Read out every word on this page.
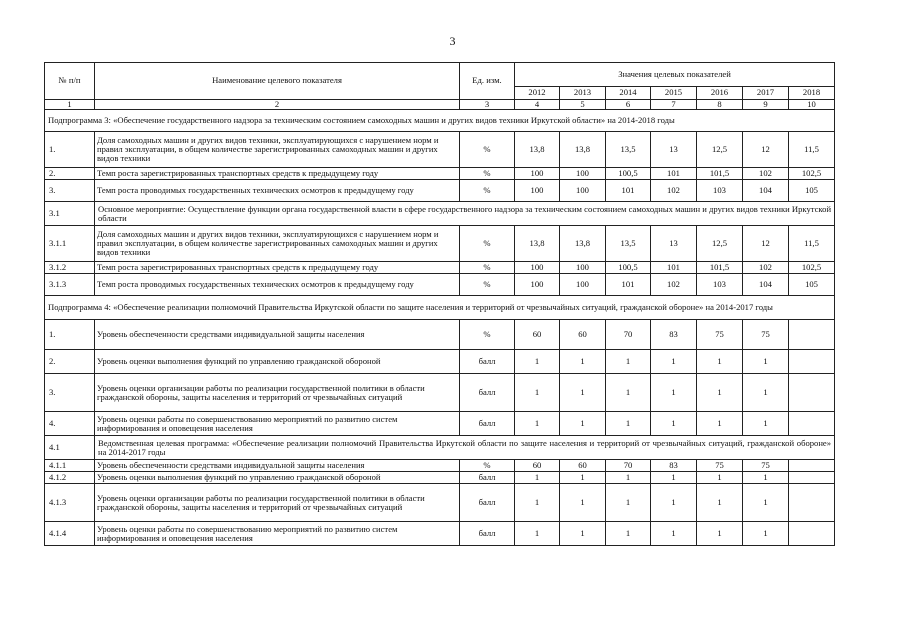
3
№ п/п	Наименование целевого показателя	Ед. изм.	Значения целевых показателей						
			2012	2013	2014	2015	2016	2017	2018
1	2	3	4	5	6	7	8	9	10
Подпрограмма 3: «Обеспечение государственного надзора за техническим состоянием самоходных машин и других видов техники Иркутской области» на 2014-2018 годы									
1.	Доля самоходных машин и других видов техники, эксплуатирующихся с нарушением норм и правил эксплуатации, в общем количестве зарегистрированных самоходных машин и других видов техники	%	13,8	13,8	13,5	13	12,5	12	11,5
2.	Темп роста зарегистрированных транспортных средств к предыдущему году	%	100	100	100,5	101	101,5	102	102,5
3.	Темп роста проводимых государственных технических осмотров к предыдущему году	%	100	100	101	102	103	104	105
3.1	Основное мероприятие: Осуществление функции органа государственной власти в сфере государственного надзора за техническим состоянием самоходных машин и других видов техники Иркутской области								
3.1.1	Доля самоходных машин и других видов техники, эксплуатирующихся с нарушением норм и правил эксплуатации, в общем количестве зарегистрированных самоходных машин и других видов техники	%	13,8	13,8	13,5	13	12,5	12	11,5
3.1.2	Темп роста зарегистрированных транспортных средств к предыдущему году	%	100	100	100,5	101	101,5	102	102,5
3.1.3	Темп роста проводимых государственных технических осмотров к предыдущему году	%	100	100	101	102	103	104	105
Подпрограмма 4: «Обеспечение реализации полномочий Правительства Иркутской области по защите населения и территорий от чрезвычайных ситуаций, гражданской обороне» на 2014-2017 годы									
1.	Уровень обеспеченности средствами индивидуальной защиты населения	%	60	60	70	83	75	75	
2.	Уровень оценки выполнения функций по управлению гражданской обороной	балл	1	1	1	1	1	1	
3.	Уровень оценки организации работы по реализации государственной политики в области гражданской обороны, защиты населения и территорий от чрезвычайных ситуаций	балл	1	1	1	1	1	1	
4.	Уровень оценки работы по совершенствованию мероприятий по развитию систем информирования и оповещения населения	балл	1	1	1	1	1	1	
4.1	Ведомственная целевая программа: «Обеспечение реализации полномочий Правительства Иркутской области по защите населения и территорий от чрезвычайных ситуаций, гражданской обороне» на 2014-2017 годы								
4.1.1	Уровень обеспеченности средствами индивидуальной защиты населения	%	60	60	70	83	75	75	
4.1.2	Уровень оценки выполнения функций по управлению гражданской обороной	балл	1	1	1	1	1	1	
4.1.3	Уровень оценки организации работы по реализации государственной политики в области гражданской обороны, защиты населения и территорий от чрезвычайных ситуаций	балл	1	1	1	1	1	1	
4.1.4	Уровень оценки работы по совершенствованию мероприятий по развитию систем информирования и оповещения населения	балл	1	1	1	1	1	1	
